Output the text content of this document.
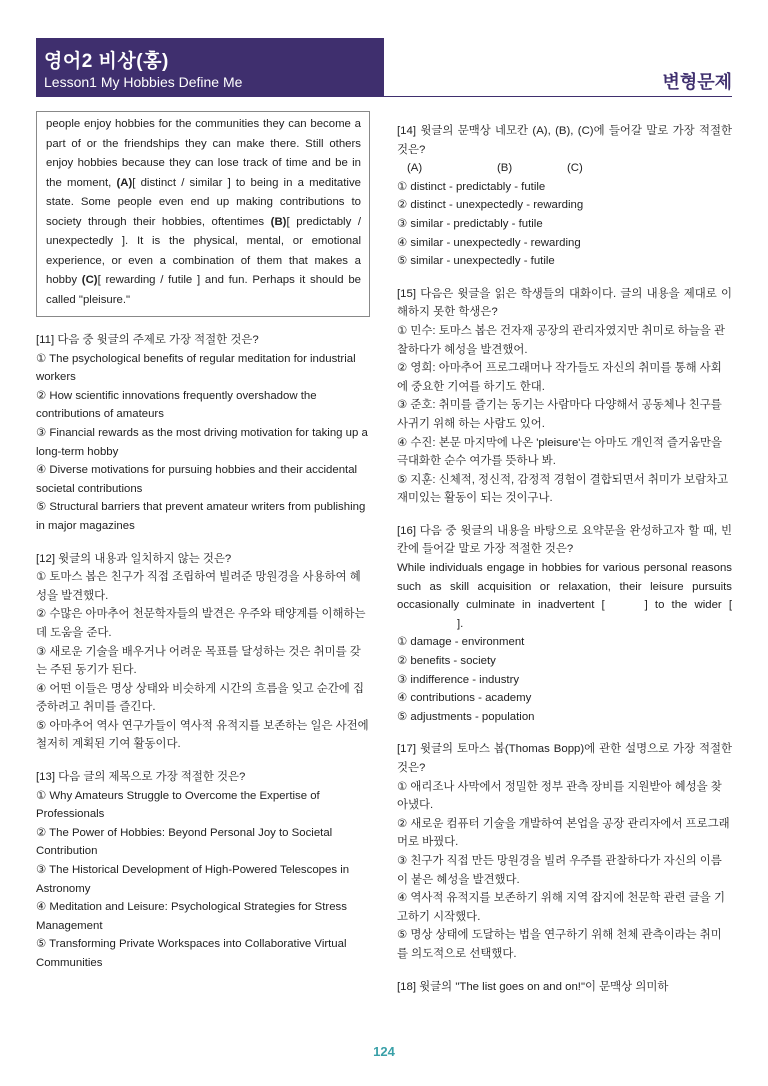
영어2 비상(홍)
Lesson1 My Hobbies Define Me	변형문제
people enjoy hobbies for the communities they can become a part of or the friendships they can make there. Still others enjoy hobbies because they can lose track of time and be in the moment, (A)[ distinct / similar ] to being in a meditative state. Some people even end up making contributions to society through their hobbies, oftentimes (B)[ predictably / unexpectedly ]. It is the physical, mental, or emotional experience, or even a combination of them that makes a hobby (C)[ rewarding / futile ] and fun. Perhaps it should be called "pleisure."
[11] 다음 중 윗글의 주제로 가장 적절한 것은?
① The psychological benefits of regular meditation for industrial workers
② How scientific innovations frequently overshadow the contributions of amateurs
③ Financial rewards as the most driving motivation for taking up a long-term hobby
④ Diverse motivations for pursuing hobbies and their accidental societal contributions
⑤ Structural barriers that prevent amateur writers from publishing in major magazines
[12] 윗글의 내용과 일치하지 않는 것은?
① 토마스 봅은 친구가 직접 조립하여 빌려준 망원경을 사용하여 혜성을 발견했다.
② 수많은 아마추어 천문학자들의 발견은 우주와 태양계를 이해하는 데 도움을 준다.
③ 새로운 기술을 배우거나 어려운 목표를 달성하는 것은 취미를 갖는 주된 동기가 된다.
④ 어떤 이들은 명상 상태와 비슷하게 시간의 흐름을 잊고 순간에 집중하려고 취미를 즐긴다.
⑤ 아마추어 역사 연구가들이 역사적 유적지를 보존하는 일은 사전에 철저히 계획된 기여 활동이다.
[13] 다음 글의 제목으로 가장 적절한 것은?
① Why Amateurs Struggle to Overcome the Expertise of Professionals
② The Power of Hobbies: Beyond Personal Joy to Societal Contribution
③ The Historical Development of High-Powered Telescopes in Astronomy
④ Meditation and Leisure: Psychological Strategies for Stress Management
⑤ Transforming Private Workspaces into Collaborative Virtual Communities
[14] 윗글의 문맥상 네모칸 (A), (B), (C)에 들어갈 말로 가장 적절한 것은?
(A)	(B)	(C)
① distinct - predictably - futile
② distinct - unexpectedly - rewarding
③ similar - predictably - futile
④ similar - unexpectedly - rewarding
⑤ similar - unexpectedly - futile
[15] 다음은 윗글을 읽은 학생들의 대화이다. 글의 내용을 제대로 이해하지 못한 학생은?
① 민수: 토마스 봅은 건자재 공장의 관리자였지만 취미로 하늘을 관찰하다가 혜성을 발견했어.
② 영희: 아마추어 프로그래머나 작가들도 자신의 취미를 통해 사회에 중요한 기여를 하기도 한대.
③ 준호: 취미를 즐기는 동기는 사람마다 다양해서 공동체나 친구를 사귀기 위해 하는 사람도 있어.
④ 수진: 본문 마지막에 나온 'pleisure'는 아마도 개인적 즐거움만을 극대화한 순수 여가를 뜻하나 봐.
⑤ 지훈: 신체적, 정신적, 감정적 경험이 결합되면서 취미가 보람차고 재미있는 활동이 되는 것이구나.
[16] 다음 중 윗글의 내용을 바탕으로 요약문을 완성하고자 할 때, 빈칸에 들어갈 말로 가장 적절한 것은?
While individuals engage in hobbies for various personal reasons such as skill acquisition or relaxation, their leisure pursuits occasionally culminate in inadvertent [	] to the wider [].
① damage - environment
② benefits - society
③ indifference - industry
④ contributions - academy
⑤ adjustments - population
[17] 윗글의 토마스 봅(Thomas Bopp)에 관한 설명으로 가장 적절한 것은?
① 애리조나 사막에서 정밀한 정부 관측 장비를 지원받아 혜성을 찾아냈다.
② 새로운 컴퓨터 기술을 개발하여 본업을 공장 관리자에서 프로그래머로 바꿨다.
③ 친구가 직접 만든 망원경을 빌려 우주를 관찰하다가 자신의 이름이 붙은 혜성을 발견했다.
④ 역사적 유적지를 보존하기 위해 지역 잡지에 천문학 관련 글을 기고하기 시작했다.
⑤ 명상 상태에 도달하는 법을 연구하기 위해 천체 관측이라는 취미를 의도적으로 선택했다.
[18] 윗글의 "The list goes on and on!"이 문맥상 의미하
124
